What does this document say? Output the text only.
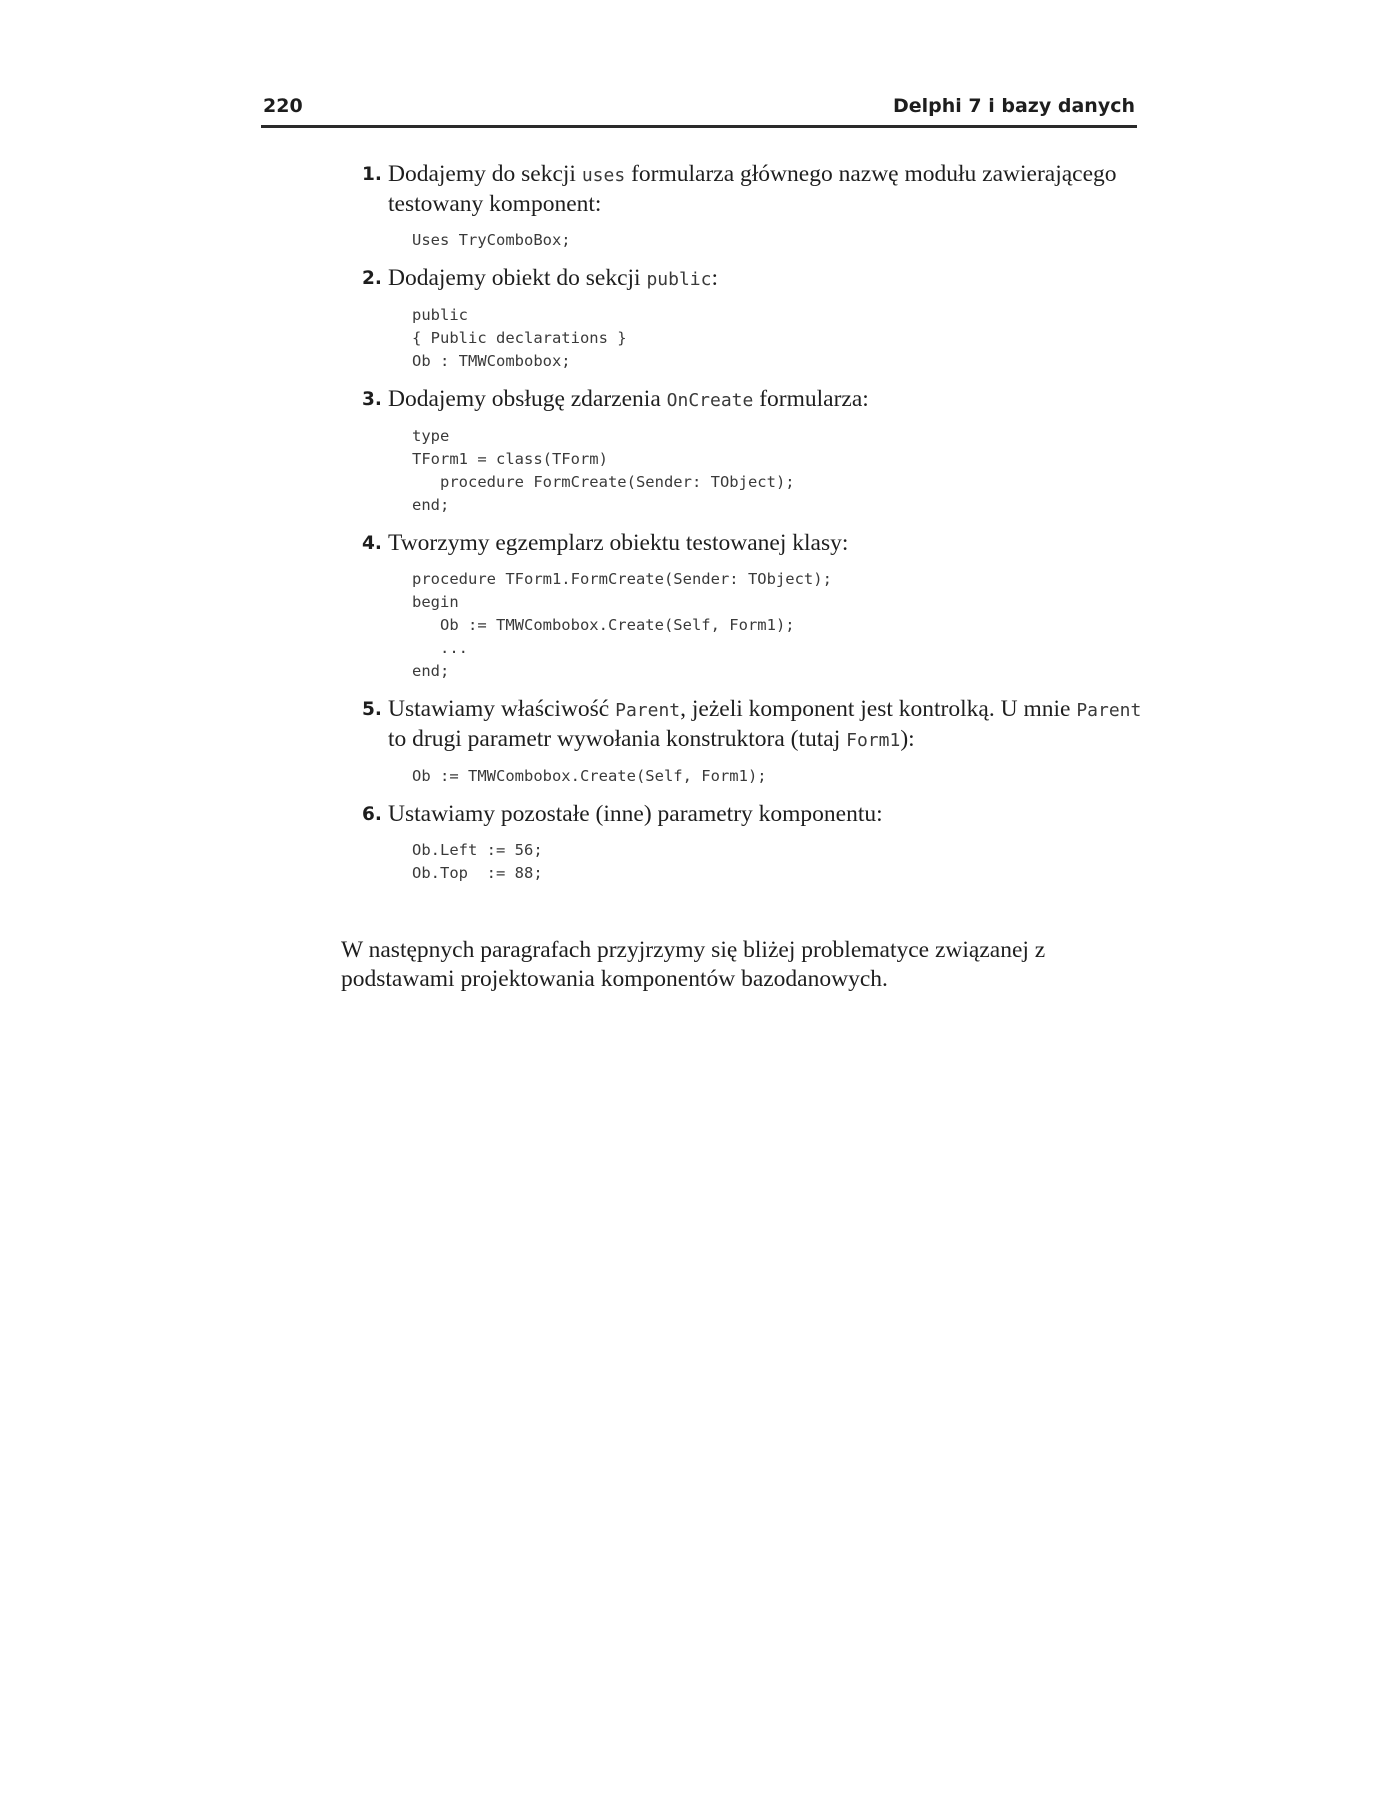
220	Delphi 7 i bazy danych
1. Dodajemy do sekcji uses formularza głównego nazwę modułu zawierającego testowany komponent:
Uses TryComboBox;
2. Dodajemy obiekt do sekcji public:
public
{ Public declarations }
Ob : TMWCombobox;
3. Dodajemy obsługę zdarzenia OnCreate formularza:
type
TForm1 = class(TForm)
procedure FormCreate(Sender: TObject);
end;
4. Tworzymy egzemplarz obiektu testowanej klasy:
procedure TForm1.FormCreate(Sender: TObject);
begin
Ob := TMWCombobox.Create(Self, Form1);
...
end;
5. Ustawiamy właściwość Parent, jeżeli komponent jest kontrolką. U mnie Parent to drugi parametr wywołania konstruktora (tutaj Form1):
Ob := TMWCombobox.Create(Self, Form1);
6. Ustawiamy pozostałe (inne) parametry komponentu:
Ob.Left := 56;
Ob.Top  := 88;

W następnych paragrafach przyjrzymy się bliżej problematyce związanej z podstawami projektowania komponentów bazodanowych.
